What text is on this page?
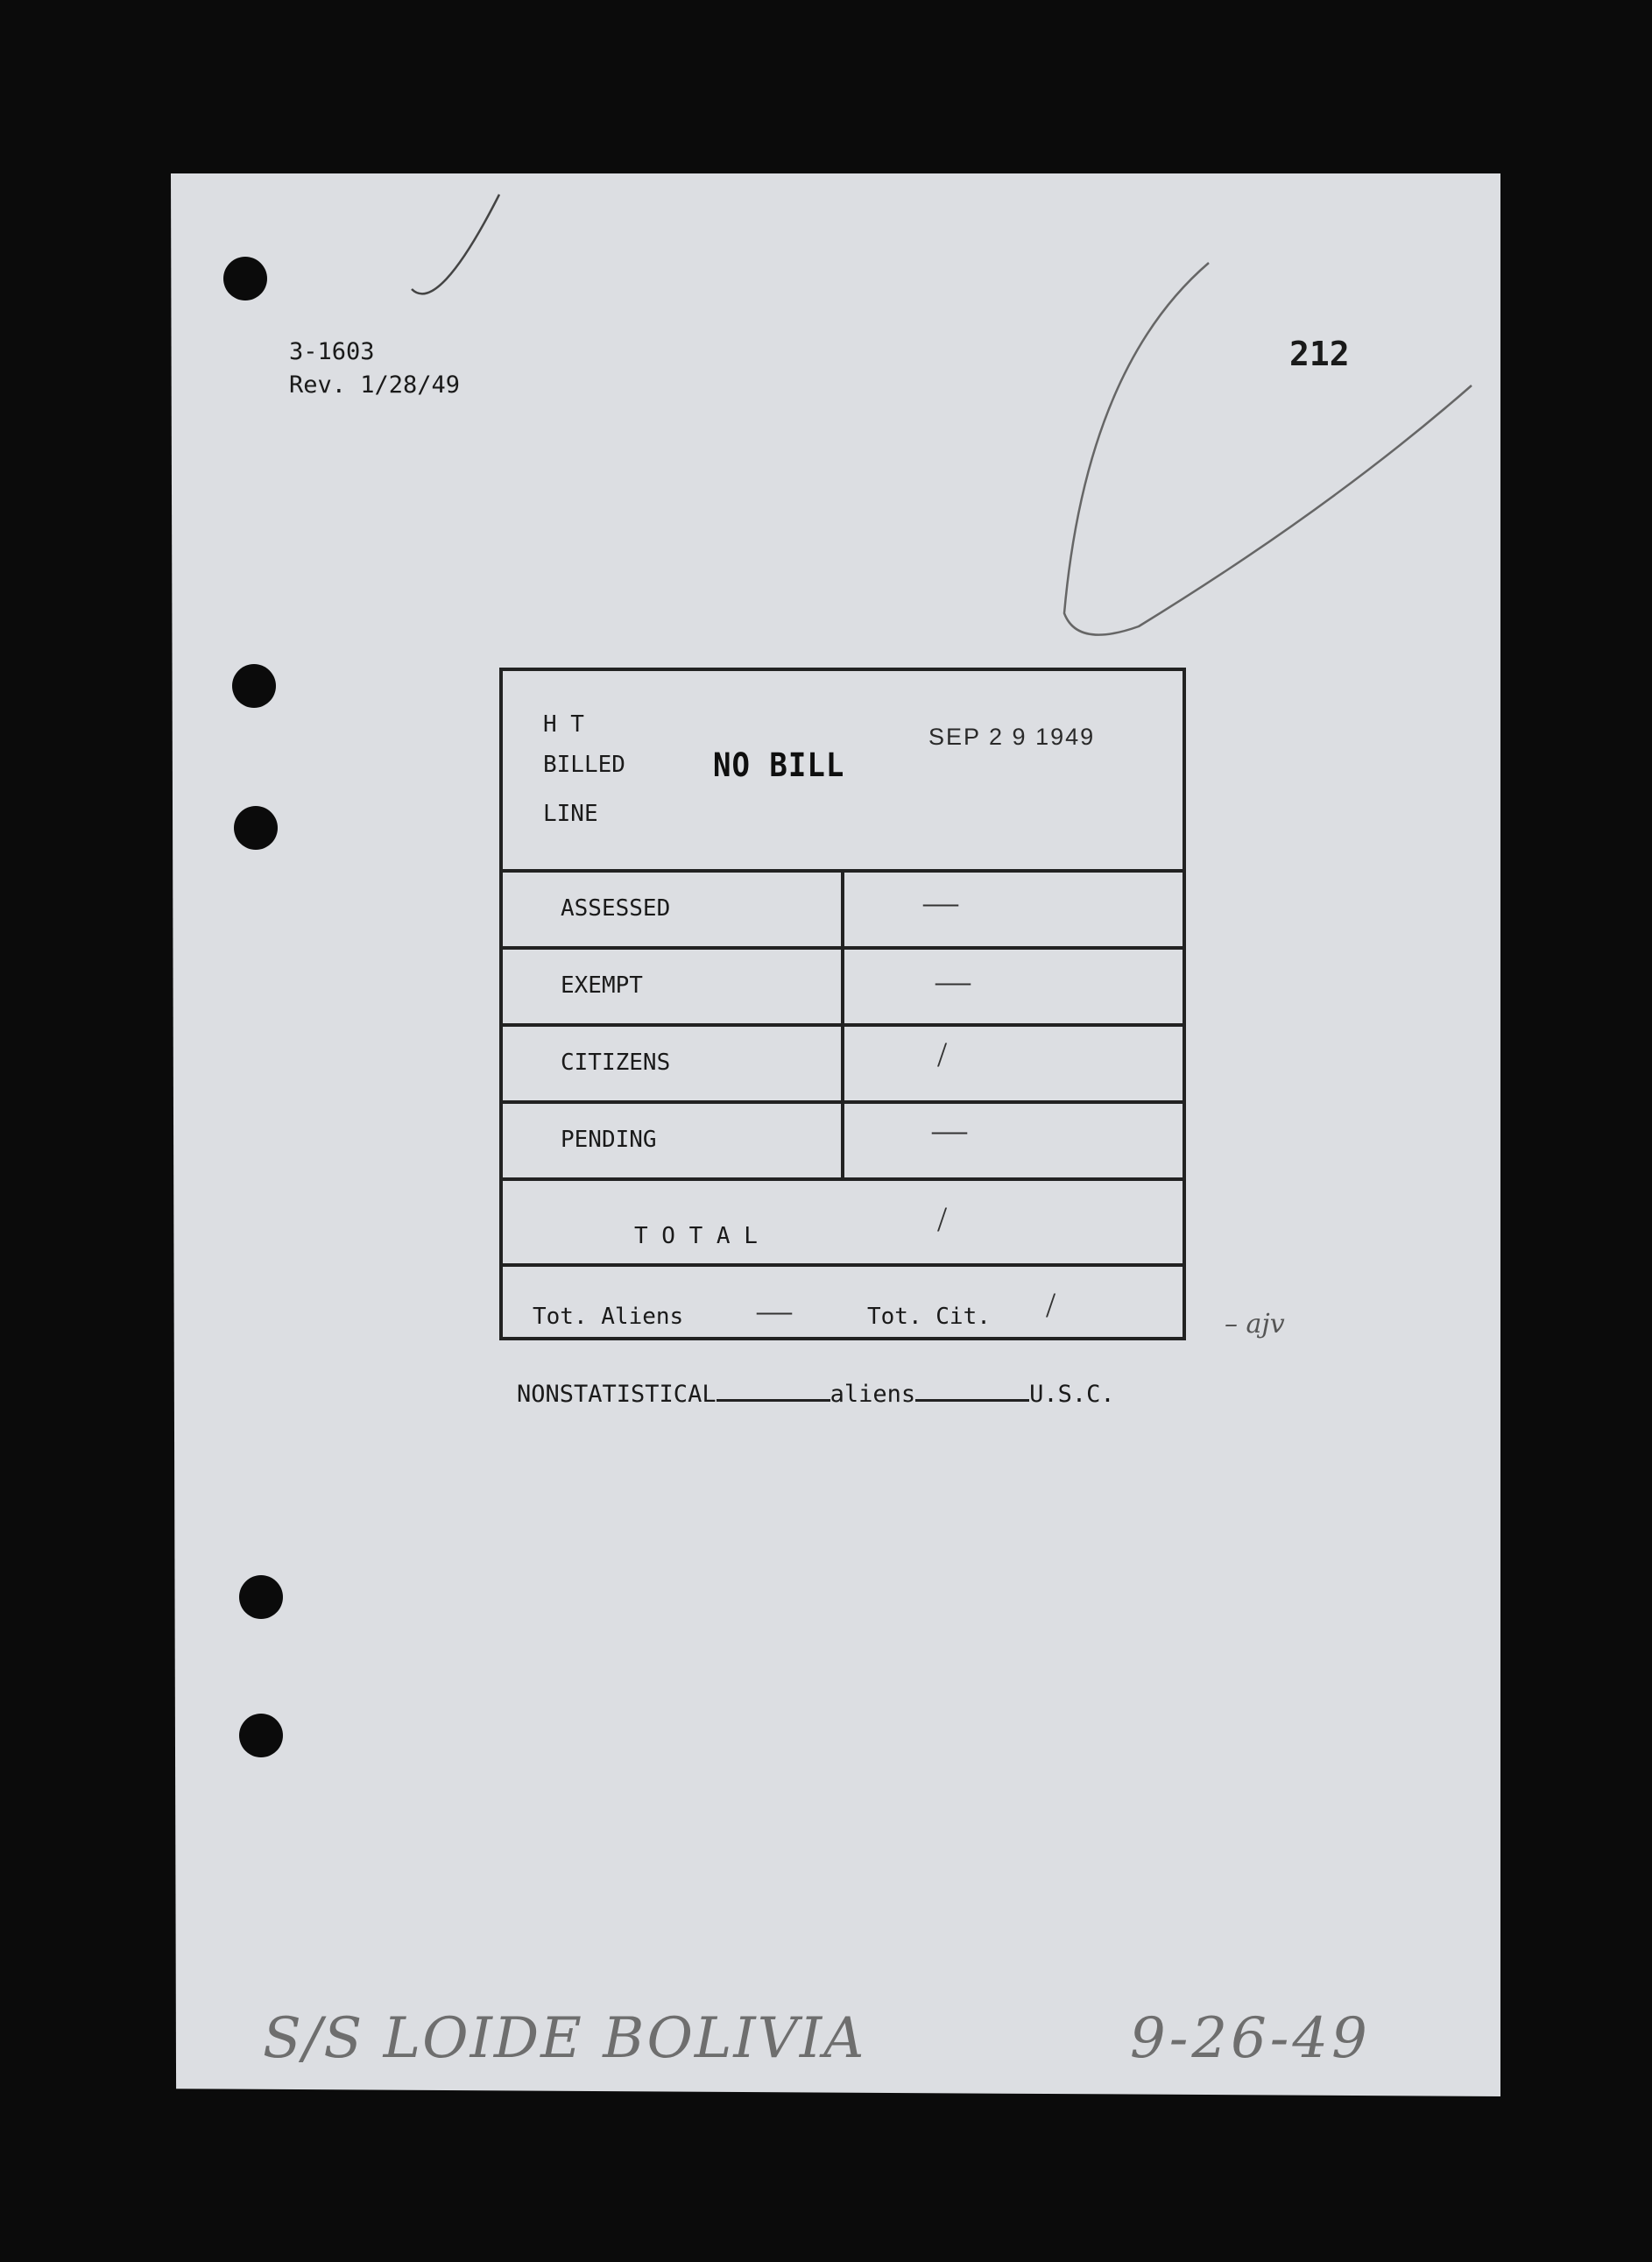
3-1603
Rev. 1/28/49
212
H T
BILLED
LINE
NO BILL
SEP 2 9 1949
ASSESSED	—
EXEMPT	—
CITIZENS	/
PENDING	—
T O T A L	/
Tot. Aliens —	Tot. Cit. /
NONSTATISTICAL	aliens	U.S.C.
– ajv
S/S LOIDE BOLIVIA	9-26-49
